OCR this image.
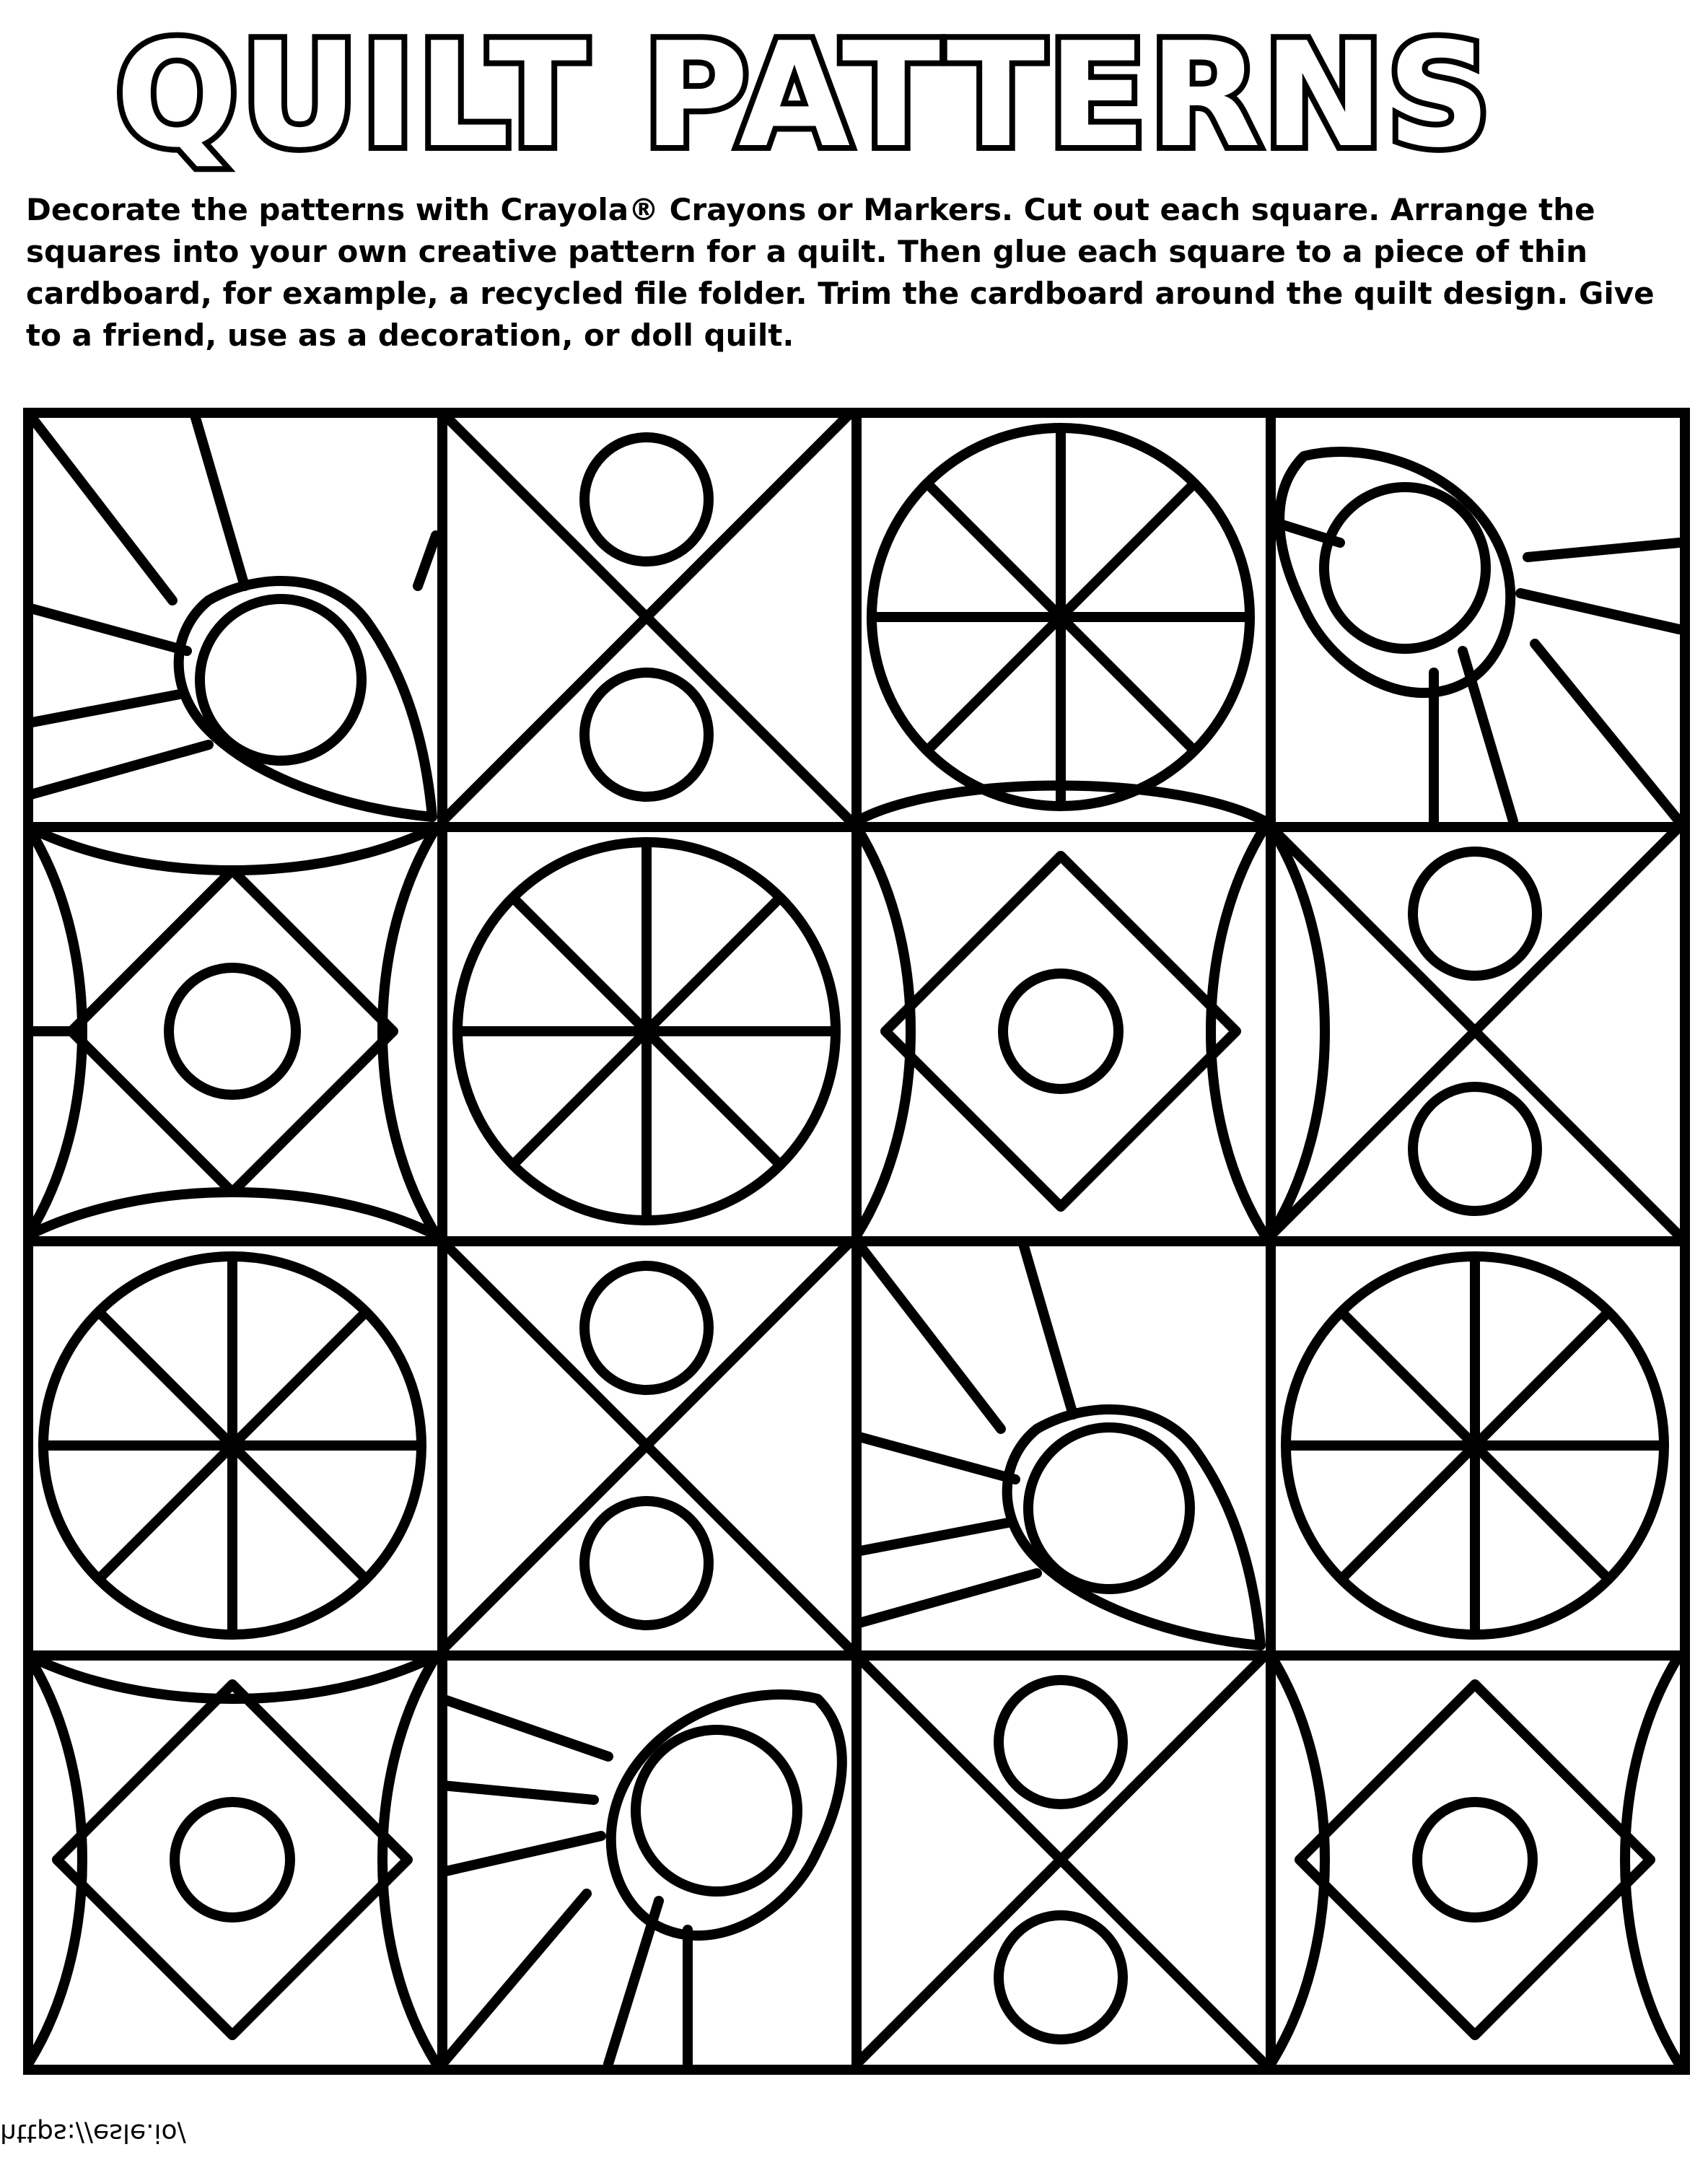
QUILT PATTERNS

Decorate the patterns with Crayola® Crayons or Markers. Cut out each square. Arrange the squares into your own creative pattern for a quilt. Then glue each square to a piece of thin cardboard, for example, a recycled file folder. Trim the cardboard around the quilt design. Give to a friend, use as a decoration, or doll quilt.

https://esle.io/
